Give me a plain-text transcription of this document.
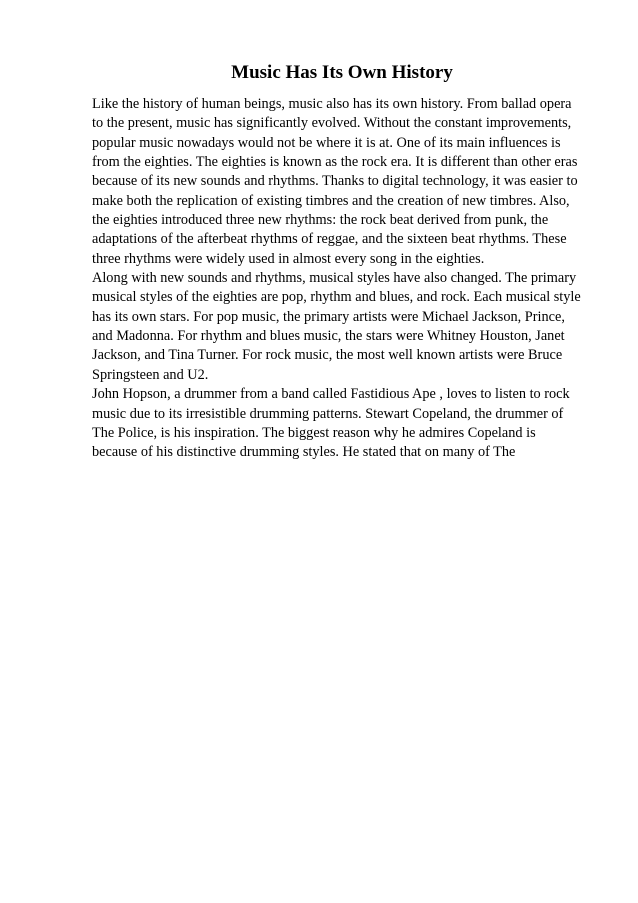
Music Has Its Own History

Like the history of human beings, music also has its own history. From ballad opera

to the present, music has significantly evolved. Without the constant improvements,

popular music nowadays would not be where it is at. One of its main influences is

from the eighties. The eighties is known as the rock era. It is different than other eras

because of its new sounds and rhythms. Thanks to digital technology, it was easier to

make both the replication of existing timbres and the creation of new timbres. Also,

the eighties introduced three new rhythms: the rock beat derived from punk, the

adaptations of the afterbeat rhythms of reggae, and the sixteen beat rhythms. These

three rhythms were widely used in almost every song in the eighties.

Along with new sounds and rhythms, musical styles have also changed. The primary

musical styles of the eighties are pop, rhythm and blues, and rock. Each musical style

has its own stars. For pop music, the primary artists were Michael Jackson, Prince,

and Madonna. For rhythm and blues music, the stars were Whitney Houston, Janet

Jackson, and Tina Turner. For rock music, the most well known artists were Bruce

Springsteen and U2.

John Hopson, a drummer from a band called Fastidious Ape , loves to listen to rock

music due to its irresistible drumming patterns. Stewart Copeland, the drummer of

The Police, is his inspiration. The biggest reason why he admires Copeland is

because of his distinctive drumming styles. He stated that on many of The
